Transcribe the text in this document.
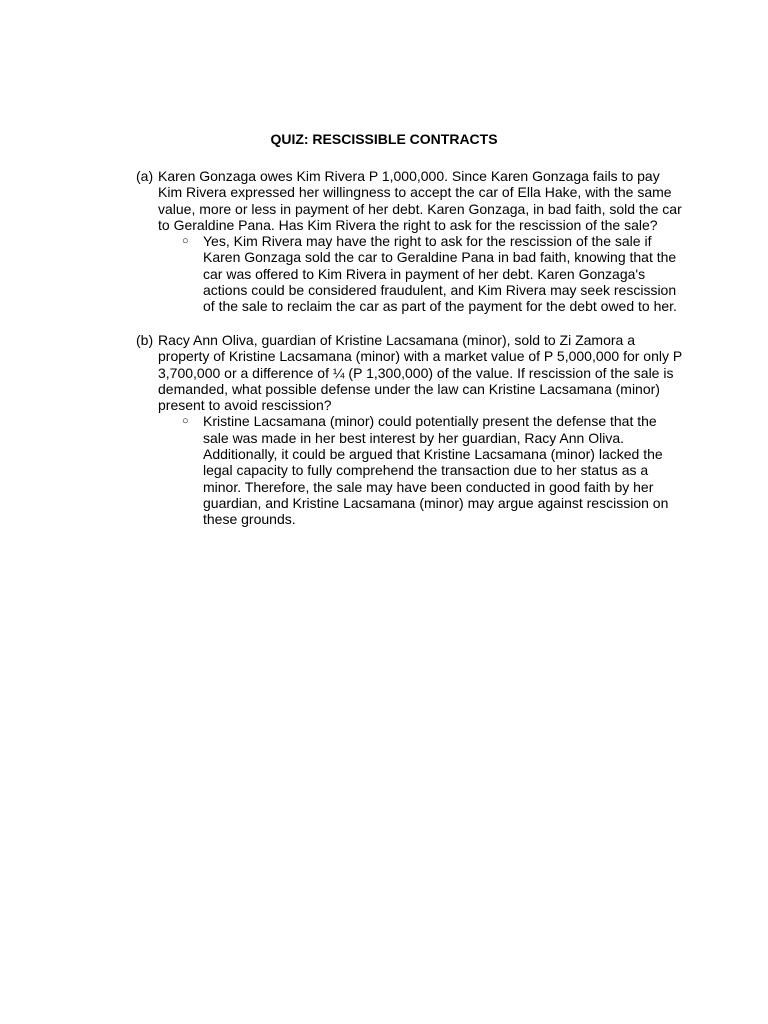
QUIZ: RESCISSIBLE CONTRACTS
(a) Karen Gonzaga owes Kim Rivera P 1,000,000. Since Karen Gonzaga fails to pay Kim Rivera expressed her willingness to accept the car of Ella Hake, with the same value, more or less in payment of her debt. Karen Gonzaga, in bad faith, sold the car to Geraldine Pana. Has Kim Rivera the right to ask for the rescission of the sale?
○	Yes, Kim Rivera may have the right to ask for the rescission of the sale if Karen Gonzaga sold the car to Geraldine Pana in bad faith, knowing that the car was offered to Kim Rivera in payment of her debt. Karen Gonzaga's actions could be considered fraudulent, and Kim Rivera may seek rescission of the sale to reclaim the car as part of the payment for the debt owed to her.
(b) Racy Ann Oliva, guardian of Kristine Lacsamana (minor), sold to Zi Zamora a property of Kristine Lacsamana (minor) with a market value of P 5,000,000 for only P 3,700,000 or a difference of ¼ (P 1,300,000) of the value. If rescission of the sale is demanded, what possible defense under the law can Kristine Lacsamana (minor) present to avoid rescission?
○	Kristine Lacsamana (minor) could potentially present the defense that the sale was made in her best interest by her guardian, Racy Ann Oliva. Additionally, it could be argued that Kristine Lacsamana (minor) lacked the legal capacity to fully comprehend the transaction due to her status as a minor. Therefore, the sale may have been conducted in good faith by her guardian, and Kristine Lacsamana (minor) may argue against rescission on these grounds.
